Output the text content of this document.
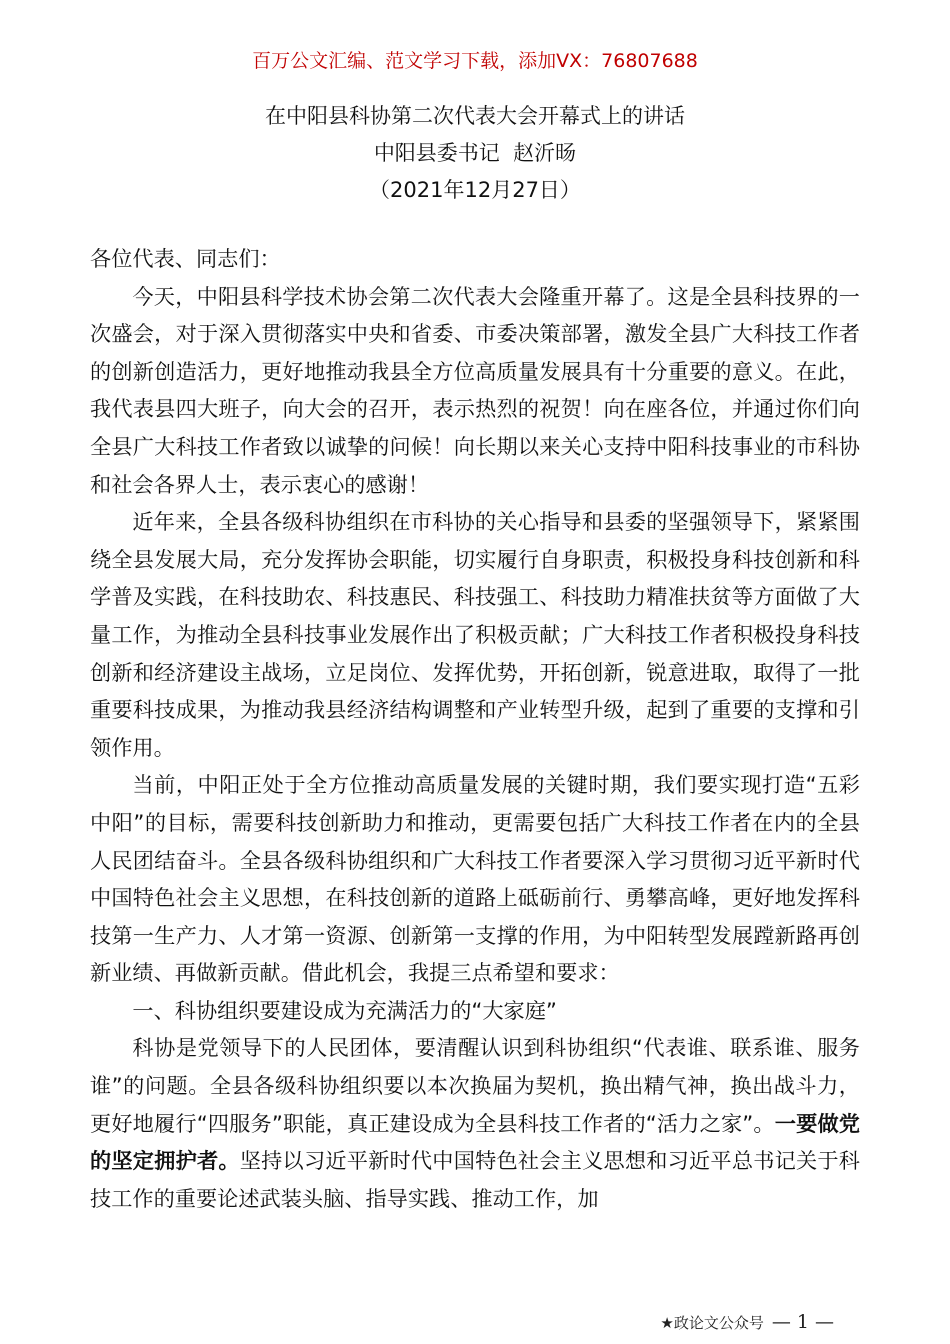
百万公文汇编、范文学习下载，添加VX：76807688
在中阳县科协第二次代表大会开幕式上的讲话
中阳县委书记  赵沂旸
（2021年12月27日）

各位代表、同志们：

今天，中阳县科学技术协会第二次代表大会隆重开幕了。这是全县科技界的一次盛会，对于深入贯彻落实中央和省委、市委决策部署，激发全县广大科技工作者的创新创造活力，更好地推动我县全方位高质量发展具有十分重要的意义。在此，我代表县四大班子，向大会的召开，表示热烈的祝贺！向在座各位，并通过你们向全县广大科技工作者致以诚挚的问候！向长期以来关心支持中阳科技事业的市科协和社会各界人士，表示衷心的感谢！

近年来，全县各级科协组织在市科协的关心指导和县委的坚强领导下，紧紧围绕全县发展大局，充分发挥协会职能，切实履行自身职责，积极投身科技创新和科学普及实践，在科技助农、科技惠民、科技强工、科技助力精准扶贫等方面做了大量工作，为推动全县科技事业发展作出了积极贡献；广大科技工作者积极投身科技创新和经济建设主战场，立足岗位、发挥优势，开拓创新，锐意进取，取得了一批重要科技成果，为推动我县经济结构调整和产业转型升级，起到了重要的支撑和引领作用。

当前，中阳正处于全方位推动高质量发展的关键时期，我们要实现打造“五彩中阳”的目标，需要科技创新助力和推动，更需要包括广大科技工作者在内的全县人民团结奋斗。全县各级科协组织和广大科技工作者要深入学习贯彻习近平新时代中国特色社会主义思想，在科技创新的道路上砥砺前行、勇攀高峰，更好地发挥科技第一生产力、人才第一资源、创新第一支撑的作用，为中阳转型发展蹚新路再创新业绩、再做新贡献。借此机会，我提三点希望和要求：

一、科协组织要建设成为充满活力的“大家庭”

科协是党领导下的人民团体，要清醒认识到科协组织“代表谁、联系谁、服务谁”的问题。全县各级科协组织要以本次换届为契机，换出精气神，换出战斗力，更好地履行“四服务”职能，真正建设成为全县科技工作者的“活力之家”。一要做党的坚定拥护者。坚持以习近平新时代中国特色社会主义思想和习近平总书记关于科技工作的重要论述武装头脑、指导实践、推动工作，加

★政论文公众号 — 1 —
